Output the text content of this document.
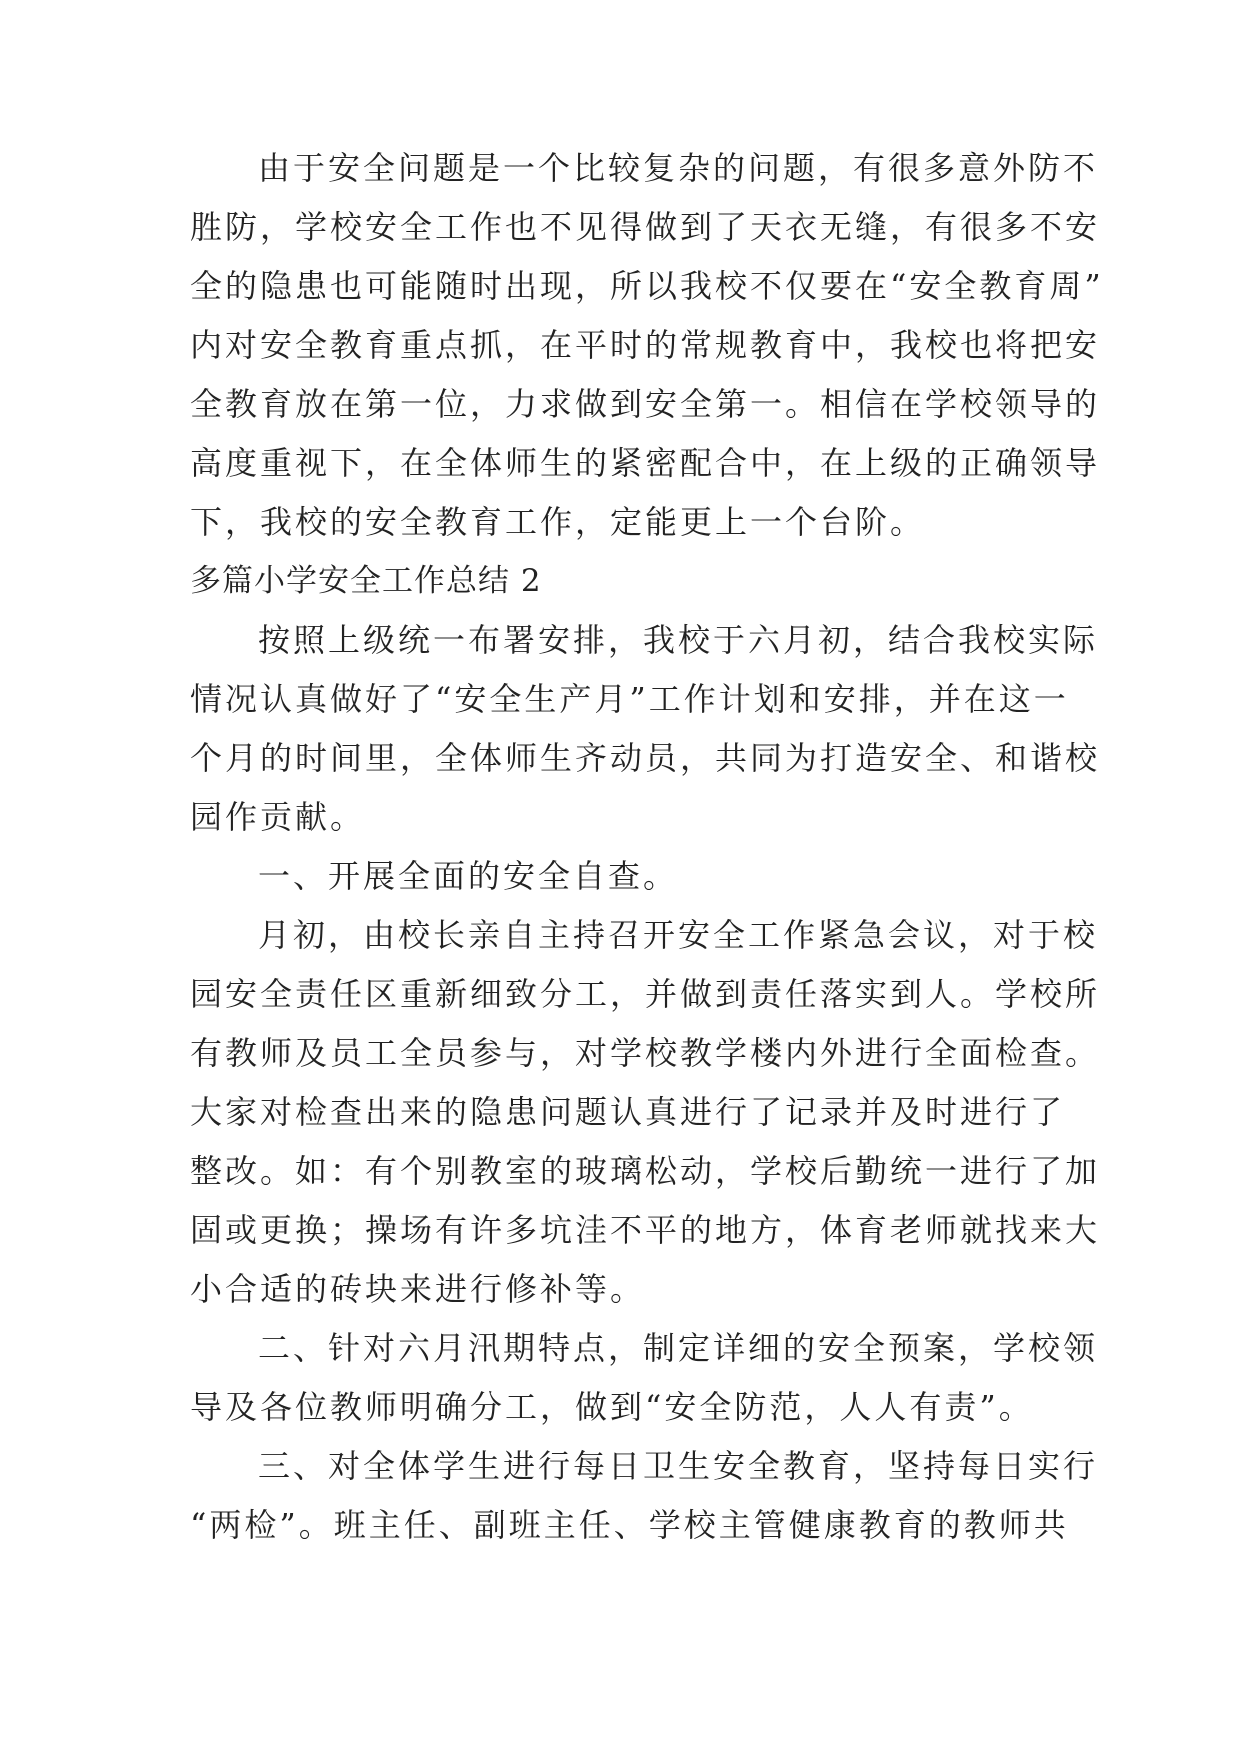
由于安全问题是一个比较复杂的问题，有很多意外防不
胜防，学校安全工作也不见得做到了天衣无缝，有很多不安
全的隐患也可能随时出现，所以我校不仅要在“安全教育周”
内对安全教育重点抓，在平时的常规教育中，我校也将把安
全教育放在第一位，力求做到安全第一。相信在学校领导的
高度重视下，在全体师生的紧密配合中，在上级的正确领导
下，我校的安全教育工作，定能更上一个台阶。
多篇小学安全工作总结 2
按照上级统一布署安排，我校于六月初，结合我校实际
情况认真做好了“安全生产月”工作计划和安排，并在这一
个月的时间里，全体师生齐动员，共同为打造安全、和谐校
园作贡献。
一、开展全面的安全自查。
月初，由校长亲自主持召开安全工作紧急会议，对于校
园安全责任区重新细致分工，并做到责任落实到人。学校所
有教师及员工全员参与，对学校教学楼内外进行全面检查。
大家对检查出来的隐患问题认真进行了记录并及时进行了
整改。如：有个别教室的玻璃松动，学校后勤统一进行了加
固或更换；操场有许多坑洼不平的地方，体育老师就找来大
小合适的砖块来进行修补等。
二、针对六月汛期特点，制定详细的安全预案，学校领
导及各位教师明确分工，做到“安全防范，人人有责”。
三、对全体学生进行每日卫生安全教育，坚持每日实行
“两检”。班主任、副班主任、学校主管健康教育的教师共
